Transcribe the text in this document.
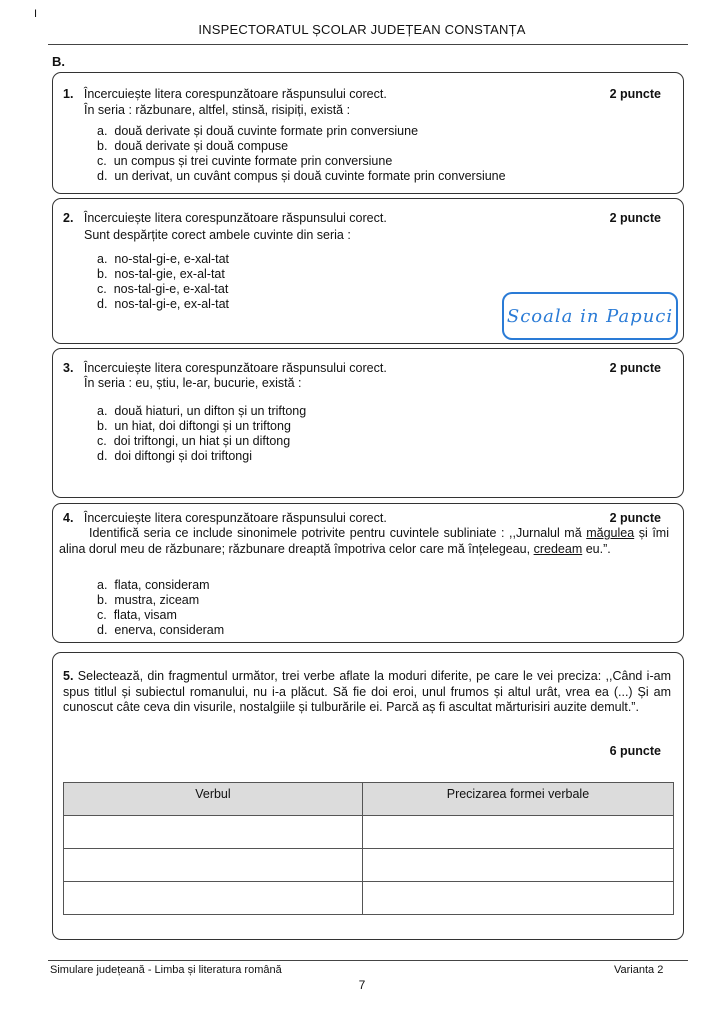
I
INSPECTORATUL ȘCOLAR JUDEȚEAN CONSTANȚA
B.
1. Încercuiește litera corespunzătoare răspunsului corect.	2 puncte
În seria : răzbunare, altfel, stinsă, risipiți, există :
a. două derivate și două cuvinte formate prin conversiune
b. două derivate și două compuse
c. un compus și trei cuvinte formate prin conversiune
d. un derivat, un cuvânt compus și două cuvinte formate prin conversiune
2. Încercuiește litera corespunzătoare răspunsului corect.	2 puncte
Sunt despărțite corect ambele cuvinte din seria :
a. no-stal-gi-e, e-xal-tat
b. nos-tal-gie, ex-al-tat
c. nos-tal-gi-e, e-xal-tat
d. nos-tal-gi-e, ex-al-tat
Scoala in Papuci
3. Încercuiește litera corespunzătoare răspunsului corect.	2 puncte
În seria : eu, știu, le-ar, bucurie, există :
a. două hiaturi, un difton și un triftong
b. un hiat, doi diftongi și un triftong
c. doi triftongi, un hiat și un diftong
d. doi diftongi și doi triftongi
4. Încercuiește litera corespunzătoare răspunsului corect.	2 puncte
Identifică seria ce include sinonimele potrivite pentru cuvintele subliniate : ,,Jurnalul mă măgulea și îmi alina dorul meu de răzbunare; răzbunare dreaptă împotriva celor care mă înțelegeau, credeam eu.”.
a. flata, consideram
b. mustra, ziceam
c. flata, visam
d. enerva, consideram
5. Selectează, din fragmentul următor, trei verbe aflate la moduri diferite, pe care le vei preciza: ,,Când i-am spus titlul și subiectul romanului, nu i-a plăcut. Să fie doi eroi, unul frumos și altul urât, vrea ea (...) Și am cunoscut câte ceva din visurile, nostalgiile și tulburările ei. Parcă aș fi ascultat mărturisiri auzite demult.”.
6 puncte
Verbul	Precizarea formei verbale

Simulare județeană - Limba și literatura română	Varianta 2
7
